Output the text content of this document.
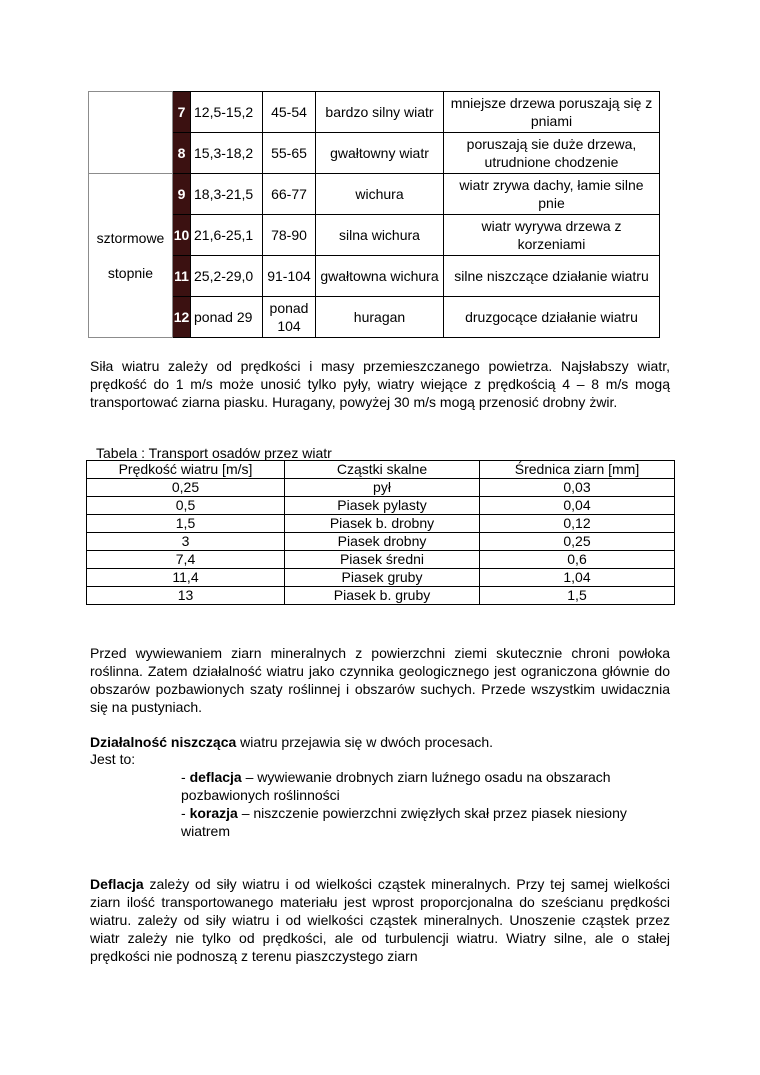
	7	12,5-15,2	45-54	bardzo silny wiatr	mniejsze drzewa poruszają się z pniami
	8	15,3-18,2	55-65	gwałtowny wiatr	poruszają sie duże drzewa, utrudnione chodzenie

sztormowe
stopnie	9	18,3-21,5	66-77	wichura	wiatr zrywa dachy, łamie silne pnie
	10	21,6-25,1	78-90	silna wichura	wiatr wyrywa drzewa z korzeniami
	11	25,2-29,0	91-104	gwałtowna wichura	silne niszczące działanie wiatru
	12	ponad 29	ponad 104	huragan	druzgocące działanie wiatru

Siła wiatru zależy od prędkości i masy przemieszczanego powietrza. Najsłabszy wiatr, prędkość do 1 m/s może unosić tylko pyły, wiatry wiejące z prędkością 4 – 8 m/s mogą transportować ziarna piasku. Huragany, powyżej 30 m/s mogą przenosić drobny żwir.

Tabela : Transport osadów przez wiatr
Prędkość wiatru [m/s]	Cząstki skalne	Średnica ziarn [mm]
0,25	pył	0,03
0,5	Piasek pylasty	0,04
1,5	Piasek b. drobny	0,12
3	Piasek drobny	0,25
7,4	Piasek średni	0,6
11,4	Piasek gruby	1,04
13	Piasek b. gruby	1,5

Przed wywiewaniem ziarn mineralnych z powierzchni ziemi skutecznie chroni powłoka roślinna. Zatem działalność wiatru jako czynnika geologicznego jest ograniczona głównie do obszarów pozbawionych szaty roślinnej i obszarów suchych. Przede wszystkim uwidacznia się na pustyniach.

Działalność niszcząca wiatru przejawia się w dwóch procesach.

Jest to:

- deflacja – wywiewanie drobnych ziarn luźnego osadu na obszarach pozbawionych roślinności

- korazja – niszczenie powierzchni zwięzłych skał przez piasek niesiony wiatrem

Deflacja zależy od siły wiatru i od wielkości cząstek mineralnych. Przy tej samej wielkości ziarn ilość transportowanego materiału jest wprost proporcjonalna do sześcianu prędkości wiatru. zależy od siły wiatru i od wielkości cząstek mineralnych. Unoszenie cząstek przez wiatr zależy nie tylko od prędkości, ale od turbulencji wiatru. Wiatry silne, ale o stałej prędkości nie podnoszą z terenu piaszczystego ziarn
